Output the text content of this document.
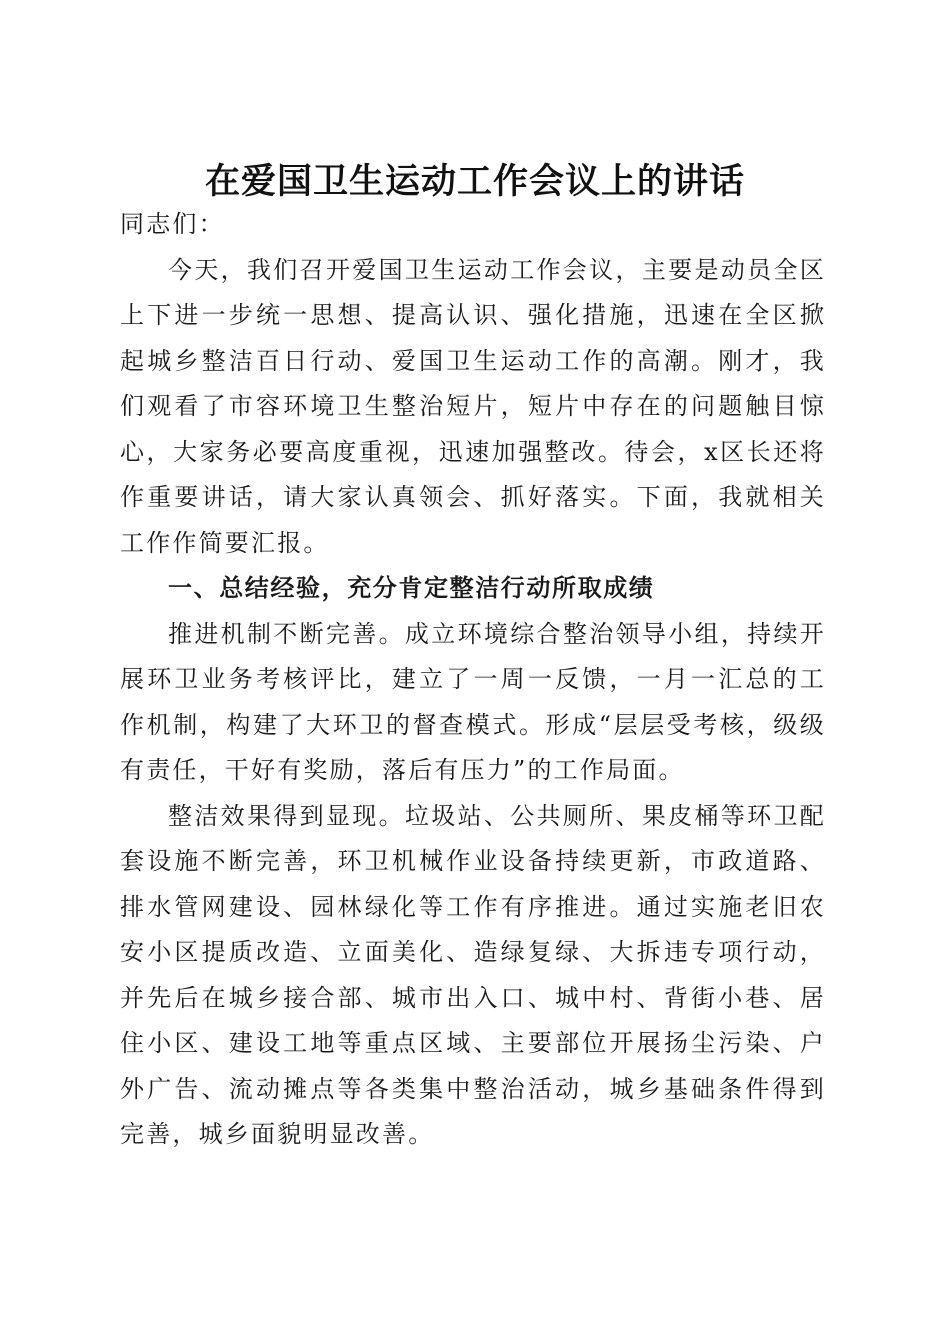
在爱国卫生运动工作会议上的讲话

同志们：

今天，我们召开爱国卫生运动工作会议，主要是动员全区上下进一步统一思想、提高认识、强化措施，迅速在全区掀起城乡整洁百日行动、爱国卫生运动工作的高潮。刚才，我们观看了市容环境卫生整治短片，短片中存在的问题触目惊心，大家务必要高度重视，迅速加强整改。待会，x区长还将作重要讲话，请大家认真领会、抓好落实。下面，我就相关工作作简要汇报。

一、总结经验，充分肯定整洁行动所取成绩

推进机制不断完善。成立环境综合整治领导小组，持续开展环卫业务考核评比，建立了一周一反馈，一月一汇总的工作机制，构建了大环卫的督查模式。形成“层层受考核，级级有责任，干好有奖励，落后有压力”的工作局面。

整洁效果得到显现。垃圾站、公共厕所、果皮桶等环卫配套设施不断完善，环卫机械作业设备持续更新，市政道路、排水管网建设、园林绿化等工作有序推进。通过实施老旧农安小区提质改造、立面美化、造绿复绿、大拆违专项行动，并先后在城乡接合部、城市出入口、城中村、背街小巷、居住小区、建设工地等重点区域、主要部位开展扬尘污染、户外广告、流动摊点等各类集中整治活动，城乡基础条件得到完善，城乡面貌明显改善。
